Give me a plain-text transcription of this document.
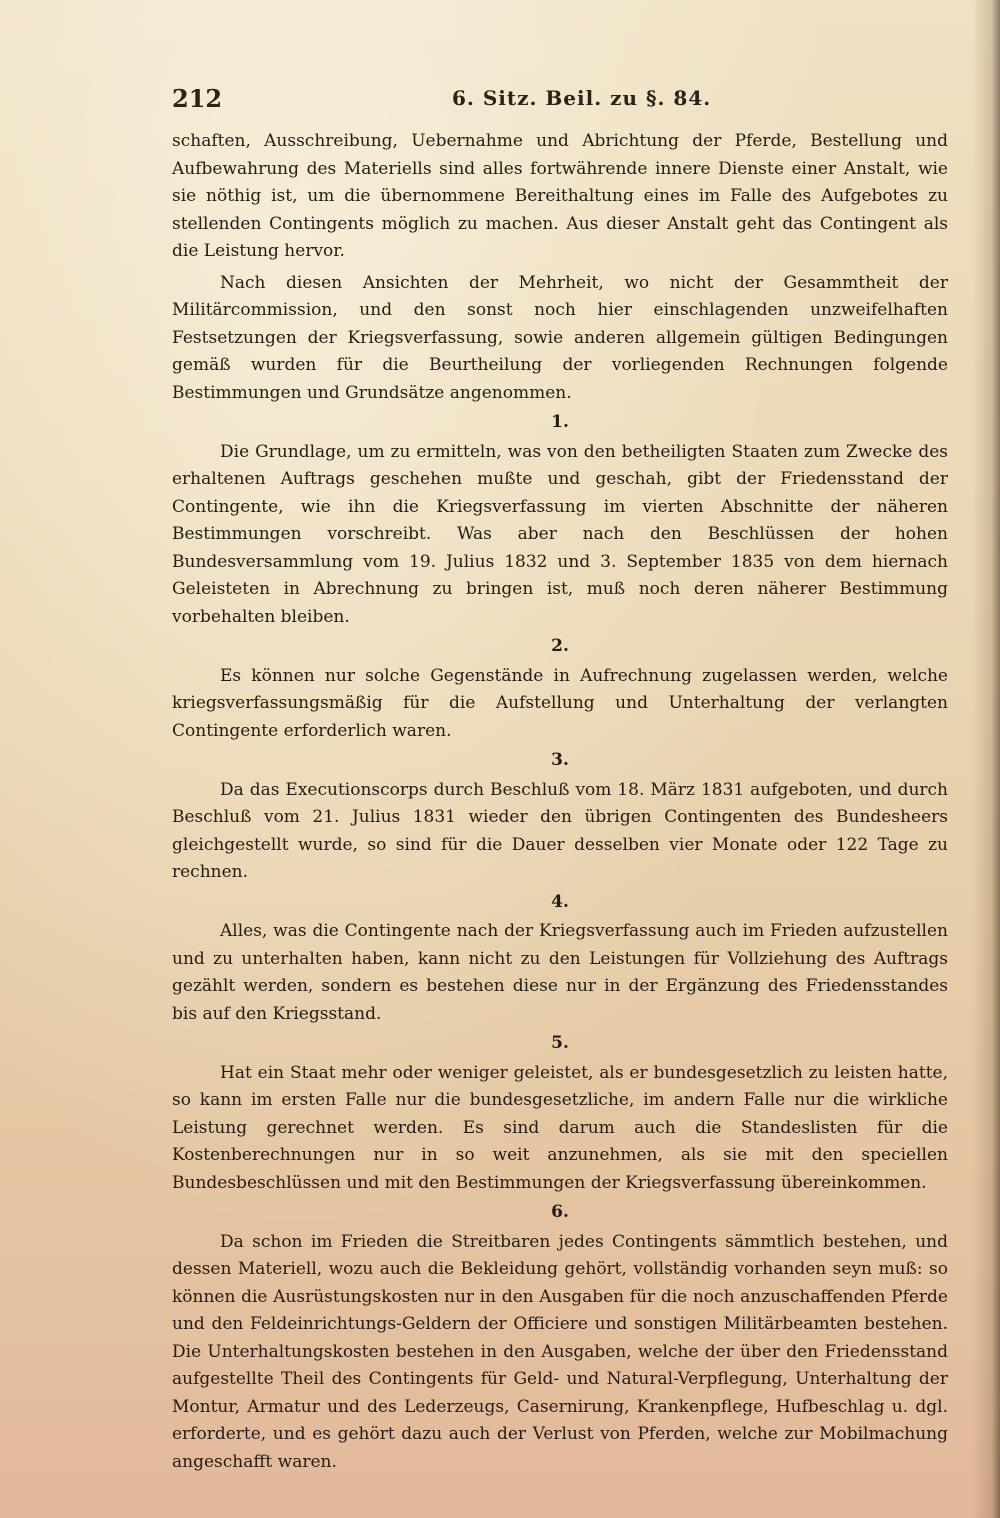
212	6. Sitz. Beil. zu §. 84.

schaften, Ausschreibung, Uebernahme und Abrichtung der Pferde, Bestellung und Aufbewahrung des Materiells sind alles fortwährende innere Dienste einer Anstalt, wie sie nöthig ist, um die übernommene Bereithaltung eines im Falle des Aufgebotes zu stellenden Contingents möglich zu machen. Aus dieser Anstalt geht das Contingent als die Leistung hervor.

Nach diesen Ansichten der Mehrheit, wo nicht der Gesammtheit der Militärcommission, und den sonst noch hier einschlagenden unzweifelhaften Festsetzungen der Kriegsverfassung, sowie anderen allgemein gültigen Bedingungen gemäß wurden für die Beurtheilung der vorliegenden Rechnungen folgende Bestimmungen und Grundsätze angenommen.

1.

Die Grundlage, um zu ermitteln, was von den betheiligten Staaten zum Zwecke des erhaltenen Auftrags geschehen mußte und geschah, gibt der Friedensstand der Contingente, wie ihn die Kriegsverfassung im vierten Abschnitte der näheren Bestimmungen vorschreibt. Was aber nach den Beschlüssen der hohen Bundesversammlung vom 19. Julius 1832 und 3. September 1835 von dem hiernach Geleisteten in Abrechnung zu bringen ist, muß noch deren näherer Bestimmung vorbehalten bleiben.

2.

Es können nur solche Gegenstände in Aufrechnung zugelassen werden, welche kriegsverfassungsmäßig für die Aufstellung und Unterhaltung der verlangten Contingente erforderlich waren.

3.

Da das Executionscorps durch Beschluß vom 18. März 1831 aufgeboten, und durch Beschluß vom 21. Julius 1831 wieder den übrigen Contingenten des Bundesheers gleichgestellt wurde, so sind für die Dauer desselben vier Monate oder 122 Tage zu rechnen.

4.

Alles, was die Contingente nach der Kriegsverfassung auch im Frieden aufzustellen und zu unterhalten haben, kann nicht zu den Leistungen für Vollziehung des Auftrags gezählt werden, sondern es bestehen diese nur in der Ergänzung des Friedensstandes bis auf den Kriegsstand.

5.

Hat ein Staat mehr oder weniger geleistet, als er bundesgesetzlich zu leisten hatte, so kann im ersten Falle nur die bundesgesetzliche, im andern Falle nur die wirkliche Leistung gerechnet werden. Es sind darum auch die Standeslisten für die Kostenberechnungen nur in so weit anzunehmen, als sie mit den speciellen Bundesbeschlüssen und mit den Bestimmungen der Kriegsverfassung übereinkommen.

6.

Da schon im Frieden die Streitbaren jedes Contingents sämmtlich bestehen, und dessen Materiell, wozu auch die Bekleidung gehört, vollständig vorhanden seyn muß: so können die Ausrüstungskosten nur in den Ausgaben für die noch anzuschaffenden Pferde und den Feldeinrichtungs-Geldern der Officiere und sonstigen Militärbeamten bestehen. Die Unterhaltungskosten bestehen in den Ausgaben, welche der über den Friedensstand aufgestellte Theil des Contingents für Geld- und Natural-Verpflegung, Unterhaltung der Montur, Armatur und des Lederzeugs, Casernirung, Krankenpflege, Hufbeschlag u. dgl. erforderte, und es gehört dazu auch der Verlust von Pferden, welche zur Mobilmachung angeschafft waren.
